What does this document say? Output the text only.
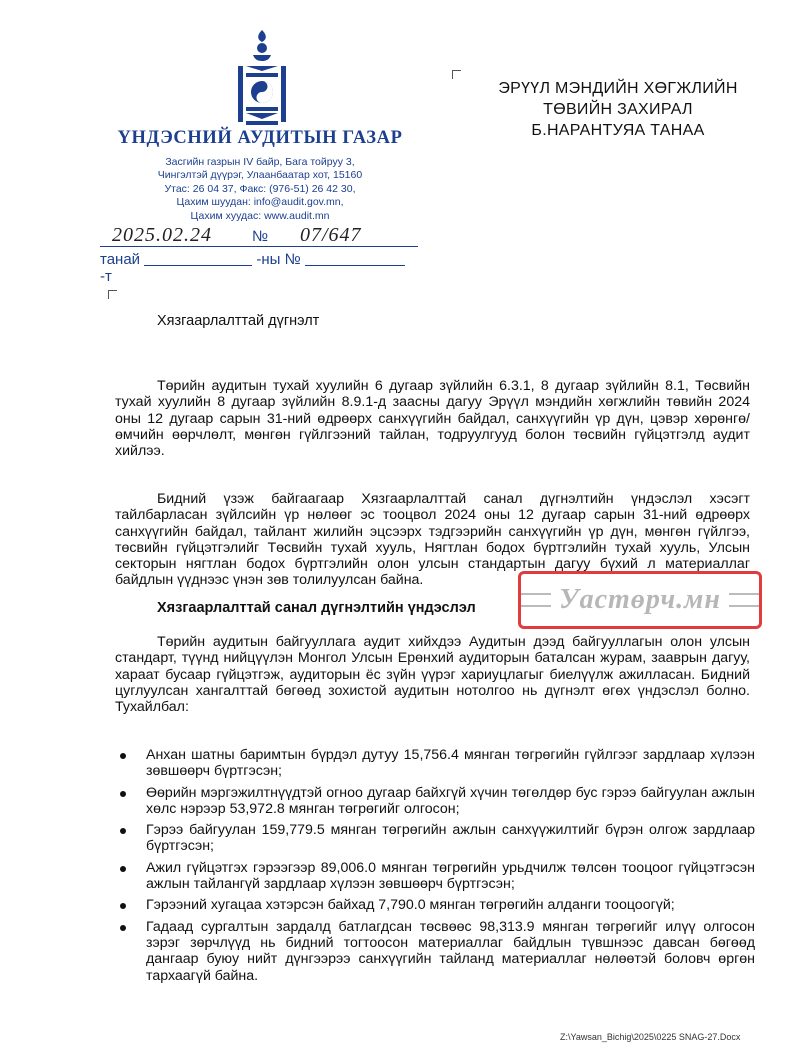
ҮНДЭСНИЙ АУДИТЫН ГАЗАР
Засгийн газрын IV байр, Бага тойруу 3,
Чингэлтэй дүүрэг, Улаанбаатар хот, 15160
Утас: 26 04 37, Факс: (976-51) 26 42 30,
Цахим шуудан: info@audit.gov.mn,
Цахим хуудас: www.audit.mn
2025.02.24	№ 07/647
танай	-ны №  -т
ЭРҮҮЛ МЭНДИЙН ХӨГЖЛИЙН
ТӨВИЙН ЗАХИРАЛ
Б.НАРАНТУЯА ТАНАА
Хязгаарлалттай дүгнэлт
Төрийн аудитын тухай хуулийн 6 дугаар зүйлийн 6.3.1, 8 дугаар зүйлийн 8.1, Төсвийн тухай хуулийн 8 дугаар зүйлийн 8.9.1-д заасны дагуу Эрүүл мэндийн хөгжлийн төвийн 2024 оны 12 дугаар сарын 31-ний өдрөөрх санхүүгийн байдал, санхүүгийн үр дүн, цэвэр хөрөнгө/өмчийн өөрчлөлт, мөнгөн гүйлгээний тайлан, тодруулгууд болон төсвийн гүйцэтгэлд аудит хийлээ.
Бидний үзэж байгаагаар Хязгаарлалттай санал дүгнэлтийн үндэслэл хэсэгт тайлбарласан зүйлсийн үр нөлөөг эс тооцвол 2024 оны 12 дугаар сарын 31-ний өдрөөрх санхүүгийн байдал, тайлант жилийн эцсээрх тэдгээрийн санхүүгийн үр дүн, мөнгөн гүйлгээ, төсвийн гүйцэтгэлийг Төсвийн тухай хууль, Нягтлан бодох бүртгэлийн тухай хууль, Улсын секторын нягтлан бодох бүртгэлийн олон улсын стандартын дагуу бүхий л материаллаг байдлын үүднээс үнэн зөв толилуулсан байна.
Хязгаарлалттай санал дүгнэлтийн үндэслэл
Төрийн аудитын байгууллага аудит хийхдээ Аудитын дээд байгууллагын олон улсын стандарт, түүнд нийцүүлэн Монгол Улсын Ерөнхий аудиторын баталсан журам, зааврын дагуу, хараат бусаар гүйцэтгэж, аудиторын ёс зүйн үүрэг хариуцлагыг биелүүлж ажилласан. Бидний цуглуулсан хангалттай бөгөөд зохистой аудитын нотолгоо нь дүгнэлт өгөх үндэслэл болно. Тухайлбал:
Анхан шатны баримтын бүрдэл дутуу 15,756.4 мянган төгрөгийн гүйлгээг зардлаар хүлээн зөвшөөрч бүртгэсэн;
Өөрийн мэргэжилтнүүдтэй огноо дугаар байхгүй хүчин төгөлдөр бус гэрээ байгуулан ажлын хөлс нэрээр 53,972.8 мянган төгрөгийг олгосон;
Гэрээ байгуулан 159,779.5 мянган төгрөгийн ажлын санхүүжилтийг бүрэн олгож зардлаар бүртгэсэн;
Ажил гүйцэтгэх гэрээгээр 89,006.0 мянган төгрөгийн урьдчилж төлсөн тооцоог гүйцэтгэсэн ажлын тайлангүй зардлаар хүлээн зөвшөөрч бүртгэсэн;
Гэрээний хугацаа хэтэрсэн байхад 7,790.0 мянган төгрөгийн алданги тооцоогүй;
Гадаад сургалтын зардалд батлагдсан төсвөөс 98,313.9 мянган төгрөгийг илүү олгосон зэрэг зөрчлүүд нь бидний тогтоосон материаллаг байдлын түвшнээс давсан бөгөөд дангаар буюу нийт дүнгээрээ санхүүгийн тайланд материаллаг нөлөөтэй боловч өргөн тархаагүй байна.
Уастөрч.мн
Z:\Yawsan_Bichig\2025\0225 SNAG-27.Docx
